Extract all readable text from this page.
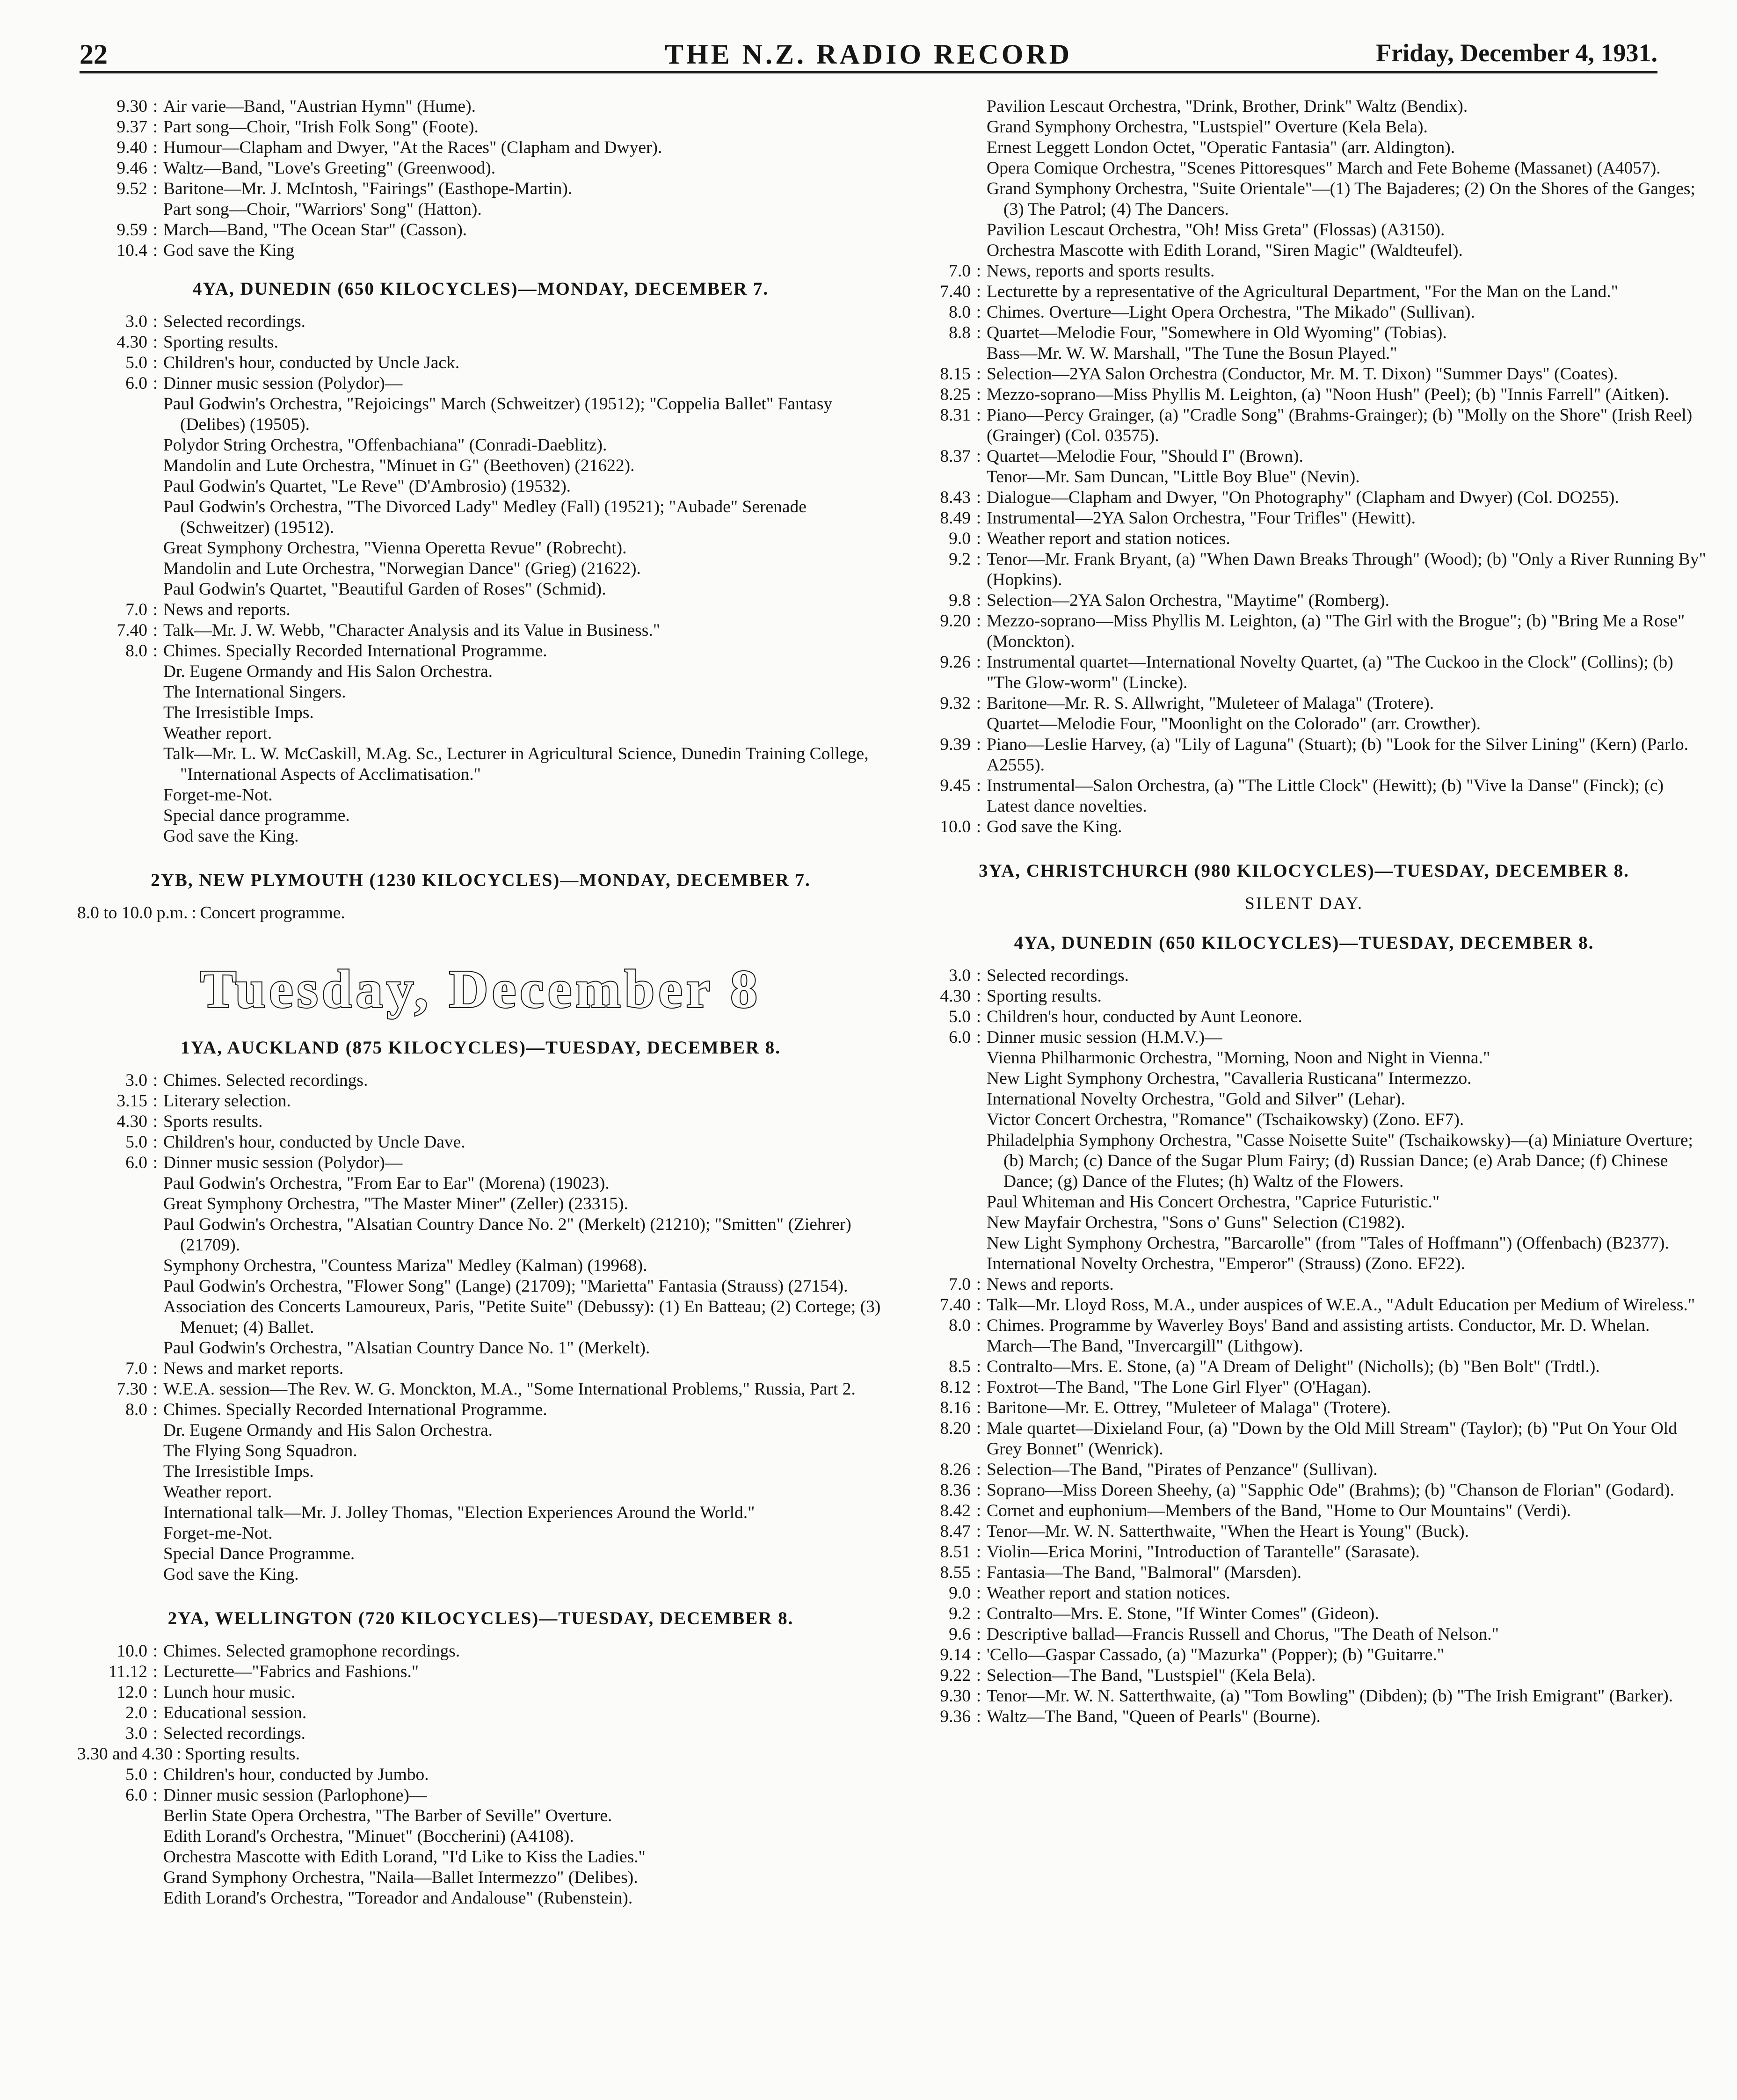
22	THE N.Z. RADIO RECORD	Friday, December 4, 1931.
9.30 : Air varie—Band, "Austrian Hymn" (Hume).
9.37 : Part song—Choir, "Irish Folk Song" (Foote).
9.40 : Humour—Clapham and Dwyer, "At the Races" (Clapham and Dwyer).
9.46 : Waltz—Band, "Love's Greeting" (Greenwood).
9.52 : Baritone—Mr. J. McIntosh, "Fairings" (Easthope-Martin).
Part song—Choir, "Warriors' Song" (Hatton).
9.59 : March—Band, "The Ocean Star" (Casson).
10.4 : God save the King
4YA, DUNEDIN (650 KILOCYCLES)—MONDAY, DECEMBER 7.
3.0 : Selected recordings.
4.30 : Sporting results.
5.0 : Children's hour, conducted by Uncle Jack.
6.0 : Dinner music session (Polydor)—
Paul Godwin's Orchestra, "Rejoicings" March (Schweitzer) (19512); "Coppelia Ballet" Fantasy (Delibes) (19505).
Polydor String Orchestra, "Offenbachiana" (Conradi-Daeblitz).
Mandolin and Lute Orchestra, "Minuet in G" (Beethoven) (21622).
Paul Godwin's Quartet, "Le Reve" (D'Ambrosio) (19532).
Paul Godwin's Orchestra, "The Divorced Lady" Medley (Fall) (19521); "Aubade" Serenade (Schweitzer) (19512).
Great Symphony Orchestra, "Vienna Operetta Revue" (Robrecht).
Mandolin and Lute Orchestra, "Norwegian Dance" (Grieg) (21622).
Paul Godwin's Quartet, "Beautiful Garden of Roses" (Schmid).
7.0 : News and reports.
7.40 : Talk—Mr. J. W. Webb, "Character Analysis and its Value in Business."
8.0 : Chimes. Specially Recorded International Programme.
Dr. Eugene Ormandy and His Salon Orchestra.
The International Singers.
The Irresistible Imps.
Weather report.
Talk—Mr. L. W. McCaskill, M.Ag. Sc., Lecturer in Agricultural Science, Dunedin Training College, "International Aspects of Acclimatisation."
Forget-me-Not.
Special dance programme.
God save the King.
2YB, NEW PLYMOUTH (1230 KILOCYCLES)—MONDAY, DECEMBER 7.
8.0 to 10.0 p.m. : Concert programme.
Tuesday, December 8
1YA, AUCKLAND (875 KILOCYCLES)—TUESDAY, DECEMBER 8.
3.0 : Chimes. Selected recordings.
3.15 : Literary selection.
4.30 : Sports results.
5.0 : Children's hour, conducted by Uncle Dave.
6.0 : Dinner music session (Polydor)—
Paul Godwin's Orchestra, "From Ear to Ear" (Morena) (19023).
Great Symphony Orchestra, "The Master Miner" (Zeller) (23315).
Paul Godwin's Orchestra, "Alsatian Country Dance No. 2" (Merkelt) (21210); "Smitten" (Ziehrer) (21709).
Symphony Orchestra, "Countess Mariza" Medley (Kalman) (19968).
Paul Godwin's Orchestra, "Flower Song" (Lange) (21709); "Marietta" Fantasia (Strauss) (27154).
Association des Concerts Lamoureux, Paris, "Petite Suite" (Debussy): (1) En Batteau; (2) Cortege; (3) Menuet; (4) Ballet.
Paul Godwin's Orchestra, "Alsatian Country Dance No. 1" (Merkelt).
7.0 : News and market reports.
7.30 : W.E.A. session—The Rev. W. G. Monckton, M.A., "Some International Problems," Russia, Part 2.
8.0 : Chimes. Specially Recorded International Programme.
Dr. Eugene Ormandy and His Salon Orchestra.
The Flying Song Squadron.
The Irresistible Imps.
Weather report.
International talk—Mr. J. Jolley Thomas, "Election Experiences Around the World."
Forget-me-Not.
Special Dance Programme.
God save the King.
2YA, WELLINGTON (720 KILOCYCLES)—TUESDAY, DECEMBER 8.
10.0 : Chimes. Selected gramophone recordings.
11.12 : Lecturette—"Fabrics and Fashions."
12.0 : Lunch hour music.
2.0 : Educational session.
3.0 : Selected recordings.
3.30 and 4.30 : Sporting results.
5.0 : Children's hour, conducted by Jumbo.
6.0 : Dinner music session (Parlophone)—
Berlin State Opera Orchestra, "The Barber of Seville" Overture.
Edith Lorand's Orchestra, "Minuet" (Boccherini) (A4108).
Orchestra Mascotte with Edith Lorand, "I'd Like to Kiss the Ladies."
Grand Symphony Orchestra, "Naila—Ballet Intermezzo" (Delibes).
Edith Lorand's Orchestra, "Toreador and Andalouse" (Rubenstein).
Pavilion Lescaut Orchestra, "Drink, Brother, Drink" Waltz (Bendix).
Grand Symphony Orchestra, "Lustspiel" Overture (Kela Bela).
Ernest Leggett London Octet, "Operatic Fantasia" (arr. Aldington).
Opera Comique Orchestra, "Scenes Pittoresques" March and Fete Boheme (Massanet) (A4057).
Grand Symphony Orchestra, "Suite Orientale"—(1) The Bajaderes; (2) On the Shores of the Ganges; (3) The Patrol; (4) The Dancers.
Pavilion Lescaut Orchestra, "Oh! Miss Greta" (Flossas) (A3150).
Orchestra Mascotte with Edith Lorand, "Siren Magic" (Waldteufel).
7.0 : News, reports and sports results.
7.40 : Lecturette by a representative of the Agricultural Department, "For the Man on the Land."
8.0 : Chimes. Overture—Light Opera Orchestra, "The Mikado" (Sullivan).
8.8 : Quartet—Melodie Four, "Somewhere in Old Wyoming" (Tobias).
Bass—Mr. W. W. Marshall, "The Tune the Bosun Played."
8.15 : Selection—2YA Salon Orchestra (Conductor, Mr. M. T. Dixon) "Summer Days" (Coates).
8.25 : Mezzo-soprano—Miss Phyllis M. Leighton, (a) "Noon Hush" (Peel); (b) "Innis Farrell" (Aitken).
8.31 : Piano—Percy Grainger, (a) "Cradle Song" (Brahms-Grainger); (b) "Molly on the Shore" (Irish Reel) (Grainger) (Col. 03575).
8.37 : Quartet—Melodie Four, "Should I" (Brown).
Tenor—Mr. Sam Duncan, "Little Boy Blue" (Nevin).
8.43 : Dialogue—Clapham and Dwyer, "On Photography" (Clapham and Dwyer) (Col. DO255).
8.49 : Instrumental—2YA Salon Orchestra, "Four Trifles" (Hewitt).
9.0 : Weather report and station notices.
9.2 : Tenor—Mr. Frank Bryant, (a) "When Dawn Breaks Through" (Wood); (b) "Only a River Running By" (Hopkins).
9.8 : Selection—2YA Salon Orchestra, "Maytime" (Romberg).
9.20 : Mezzo-soprano—Miss Phyllis M. Leighton, (a) "The Girl with the Brogue"; (b) "Bring Me a Rose" (Monckton).
9.26 : Instrumental quartet—International Novelty Quartet, (a) "The Cuckoo in the Clock" (Collins); (b) "The Glow-worm" (Lincke).
9.32 : Baritone—Mr. R. S. Allwright, "Muleteer of Malaga" (Trotere).
Quartet—Melodie Four, "Moonlight on the Colorado" (arr. Crowther).
9.39 : Piano—Leslie Harvey, (a) "Lily of Laguna" (Stuart); (b) "Look for the Silver Lining" (Kern) (Parlo. A2555).
9.45 : Instrumental—Salon Orchestra, (a) "The Little Clock" (Hewitt); (b) "Vive la Danse" (Finck); (c) Latest dance novelties.
10.0 : God save the King.
3YA, CHRISTCHURCH (980 KILOCYCLES)—TUESDAY, DECEMBER 8.
SILENT DAY.
4YA, DUNEDIN (650 KILOCYCLES)—TUESDAY, DECEMBER 8.
3.0 : Selected recordings.
4.30 : Sporting results.
5.0 : Children's hour, conducted by Aunt Leonore.
6.0 : Dinner music session (H.M.V.)—
Vienna Philharmonic Orchestra, "Morning, Noon and Night in Vienna."
New Light Symphony Orchestra, "Cavalleria Rusticana" Intermezzo.
International Novelty Orchestra, "Gold and Silver" (Lehar).
Victor Concert Orchestra, "Romance" (Tschaikowsky) (Zono. EF7).
Philadelphia Symphony Orchestra, "Casse Noisette Suite" (Tschaikowsky)—(a) Miniature Overture; (b) March; (c) Dance of the Sugar Plum Fairy; (d) Russian Dance; (e) Arab Dance; (f) Chinese Dance; (g) Dance of the Flutes; (h) Waltz of the Flowers.
Paul Whiteman and His Concert Orchestra, "Caprice Futuristic."
New Mayfair Orchestra, "Sons o' Guns" Selection (C1982).
New Light Symphony Orchestra, "Barcarolle" (from "Tales of Hoffmann") (Offenbach) (B2377).
International Novelty Orchestra, "Emperor" (Strauss) (Zono. EF22).
7.0 : News and reports.
7.40 : Talk—Mr. Lloyd Ross, M.A., under auspices of W.E.A., "Adult Education per Medium of Wireless."
8.0 : Chimes. Programme by Waverley Boys' Band and assisting artists. Conductor, Mr. D. Whelan.
March—The Band, "Invercargill" (Lithgow).
8.5 : Contralto—Mrs. E. Stone, (a) "A Dream of Delight" (Nicholls); (b) "Ben Bolt" (Trdtl.).
8.12 : Foxtrot—The Band, "The Lone Girl Flyer" (O'Hagan).
8.16 : Baritone—Mr. E. Ottrey, "Muleteer of Malaga" (Trotere).
8.20 : Male quartet—Dixieland Four, (a) "Down by the Old Mill Stream" (Taylor); (b) "Put On Your Old Grey Bonnet" (Wenrick).
8.26 : Selection—The Band, "Pirates of Penzance" (Sullivan).
8.36 : Soprano—Miss Doreen Sheehy, (a) "Sapphic Ode" (Brahms); (b) "Chanson de Florian" (Godard).
8.42 : Cornet and euphonium—Members of the Band, "Home to Our Mountains" (Verdi).
8.47 : Tenor—Mr. W. N. Satterthwaite, "When the Heart is Young" (Buck).
8.51 : Violin—Erica Morini, "Introduction of Tarantelle" (Sarasate).
8.55 : Fantasia—The Band, "Balmoral" (Marsden).
9.0 : Weather report and station notices.
9.2 : Contralto—Mrs. E. Stone, "If Winter Comes" (Gideon).
9.6 : Descriptive ballad—Francis Russell and Chorus, "The Death of Nelson."
9.14 : 'Cello—Gaspar Cassado, (a) "Mazurka" (Popper); (b) "Guitarre."
9.22 : Selection—The Band, "Lustspiel" (Kela Bela).
9.30 : Tenor—Mr. W. N. Satterthwaite, (a) "Tom Bowling" (Dibden); (b) "The Irish Emigrant" (Barker).
9.36 : Waltz—The Band, "Queen of Pearls" (Bourne).
